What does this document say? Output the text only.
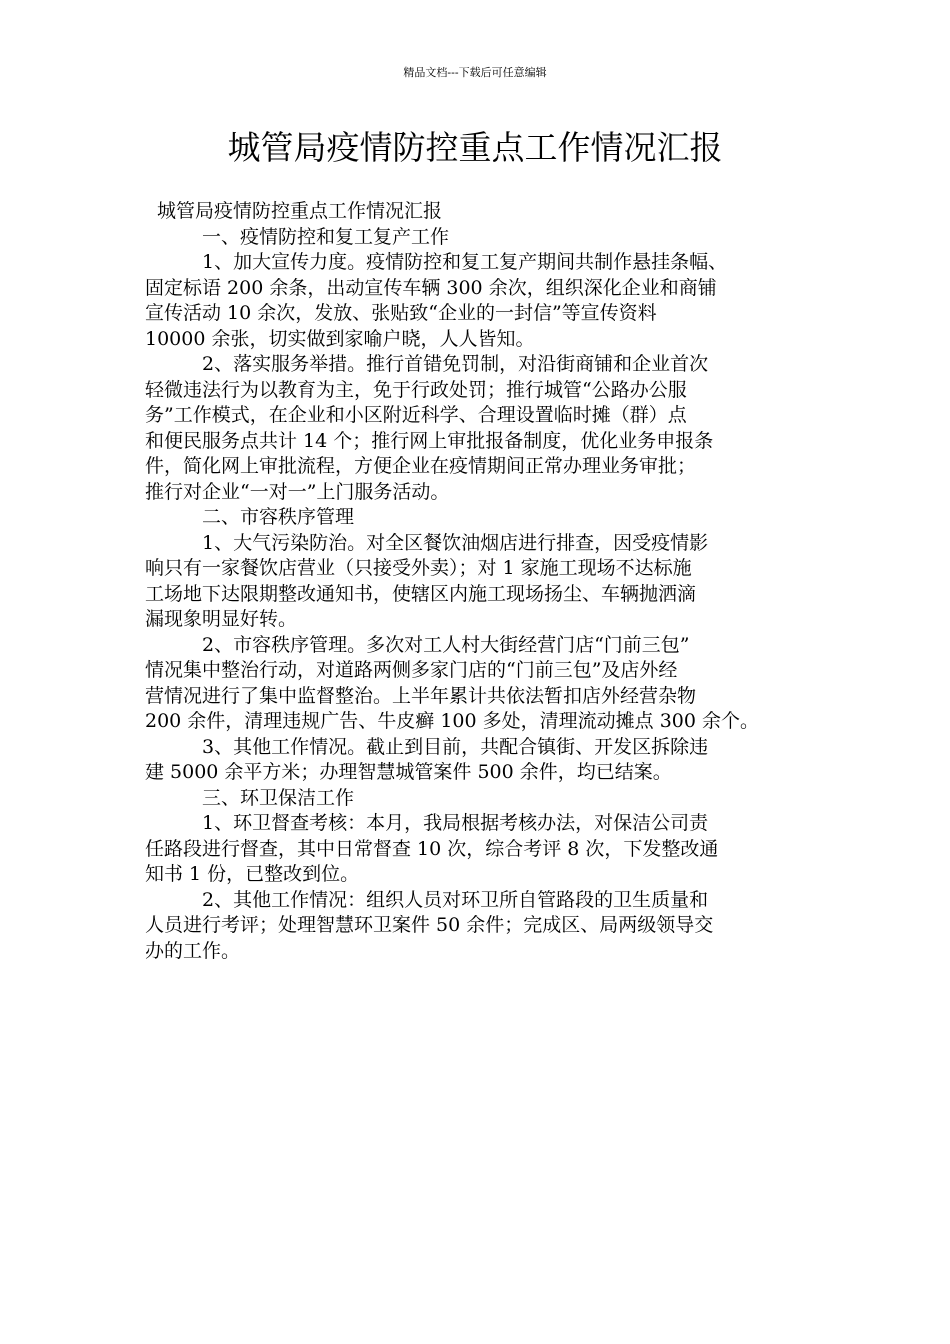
精品文档---下载后可任意编辑
城管局疫情防控重点工作情况汇报

城管局疫情防控重点工作情况汇报

一、疫情防控和复工复产工作

1、加大宣传力度。疫情防控和复工复产期间共制作悬挂条幅、

固定标语 200 余条，出动宣传车辆 300 余次，组织深化企业和商铺

宣传活动 10 余次，发放、张贴致“企业的一封信”等宣传资料

10000 余张，切实做到家喻户晓，人人皆知。

2、落实服务举措。推行首错免罚制，对沿街商铺和企业首次

轻微违法行为以教育为主，免于行政处罚；推行城管“公路办公服

务”工作模式，在企业和小区附近科学、合理设置临时摊（群）点

和便民服务点共计 14 个；推行网上审批报备制度，优化业务申报条

件，简化网上审批流程，方便企业在疫情期间正常办理业务审批；

推行对企业“一对一”上门服务活动。

二、市容秩序管理

1、大气污染防治。对全区餐饮油烟店进行排查，因受疫情影

响只有一家餐饮店营业（只接受外卖）；对 1 家施工现场不达标施

工场地下达限期整改通知书，使辖区内施工现场扬尘、车辆抛洒滴

漏现象明显好转。

2、市容秩序管理。多次对工人村大街经营门店“门前三包”

情况集中整治行动，对道路两侧多家门店的“门前三包”及店外经

营情况进行了集中监督整治。上半年累计共依法暂扣店外经营杂物

200 余件，清理违规广告、牛皮癣 100 多处，清理流动摊点 300 余个。

3、其他工作情况。截止到目前，共配合镇街、开发区拆除违

建 5000 余平方米；办理智慧城管案件 500 余件，均已结案。

三、环卫保洁工作

1、环卫督查考核：本月，我局根据考核办法，对保洁公司责

任路段进行督查，其中日常督查 10 次，综合考评 8 次，下发整改通

知书 1 份，已整改到位。

2、其他工作情况：组织人员对环卫所自管路段的卫生质量和

人员进行考评；处理智慧环卫案件 50 余件；完成区、局两级领导交

办的工作。
